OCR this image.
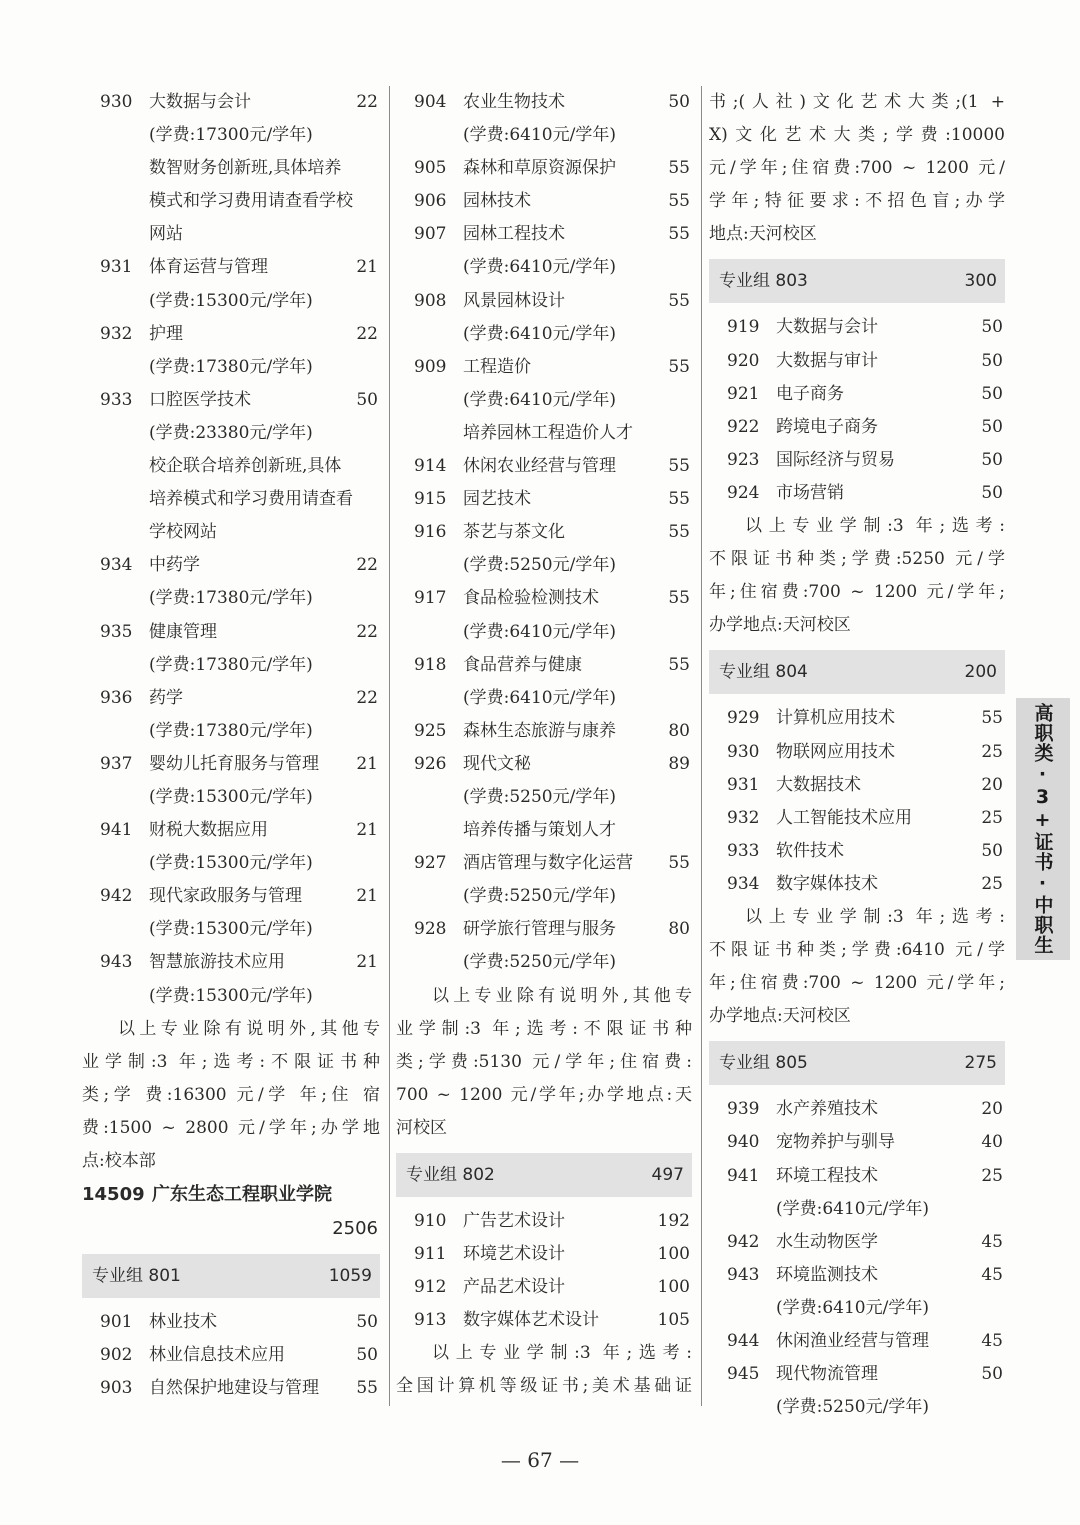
930 大数据与会计	22
(学费:17300元/学年)
数智财务创新班,具体培养
模式和学习费用请查看学校
网站
931 体育运营与管理	21
(学费:15300元/学年)
932 护理	22
(学费:17380元/学年)
933 口腔医学技术	50
(学费:23380元/学年)
校企联合培养创新班,具体
培养模式和学习费用请查看
学校网站
934 中药学	22
(学费:17380元/学年)
935 健康管理	22
(学费:17380元/学年)
936 药学	22
(学费:17380元/学年)
937 婴幼儿托育服务与管理 21
(学费:15300元/学年)
941 财税大数据应用	21
(学费:15300元/学年)
942 现代家政服务与管理	21
(学费:15300元/学年)
943 智慧旅游技术应用	21
(学费:15300元/学年)
以上专业除有说明外,其他专
业学制:3 年;选考:不限证书种
类;学 费:16300 元/学 年;住 宿
费:1500 ~ 2800 元/学年;办学地
点:校本部
14509 广东生态工程职业学院
2506
专业组 801	1059
901 林业技术	50
902 林业信息技术应用	50
903 自然保护地建设与管理 55
904 农业生物技术	50
(学费:6410元/学年)
905 森林和草原资源保护	55
906 园林技术	55
907 园林工程技术	55
(学费:6410元/学年)
908 风景园林设计	55
(学费:6410元/学年)
909 工程造价	55
(学费:6410元/学年)
培养园林工程造价人才
914 休闲农业经营与管理	55
915 园艺技术	55
916 茶艺与茶文化	55
(学费:5250元/学年)
917 食品检验检测技术	55
(学费:6410元/学年)
918 食品营养与健康	55
(学费:6410元/学年)
925 森林生态旅游与康养	80
926 现代文秘	89
(学费:5250元/学年)
培养传播与策划人才
927 酒店管理与数字化运营 55
(学费:5250元/学年)
928 研学旅行管理与服务	80
(学费:5250元/学年)
以上专业除有说明外,其他专
业学制:3 年;选考:不限证书种
类;学费:5130 元/学年;住宿费:
700 ~ 1200 元/学年;办学地点:天
河校区
专业组 802	497
910 广告艺术设计	192
911 环境艺术设计	100
912 产品艺术设计	100
913 数字媒体艺术设计	105
以上专业学制:3 年;选考:
全国计算机等级证书;美术基础证
书;(人社)文化艺术大类;(1 +
X)文化艺术大类;学费:10000
元/学年;住宿费:700 ~ 1200 元/
学年;特征要求:不招色盲;办学
地点:天河校区
专业组 803	300
919 大数据与会计	50
920 大数据与审计	50
921 电子商务	50
922 跨境电子商务	50
923 国际经济与贸易	50
924 市场营销	50
以上专业学制:3 年;选考:
不限证书种类;学费:5250 元/学
年;住宿费:700 ~ 1200 元/学年;
办学地点:天河校区
专业组 804	200
929 计算机应用技术	55
930 物联网应用技术	25
931 大数据技术	20
932 人工智能技术应用	25
933 软件技术	50
934 数字媒体技术	25
以上专业学制:3 年;选考:
不限证书种类;学费:6410 元/学
年;住宿费:700 ~ 1200 元/学年;
办学地点:天河校区
专业组 805	275
939 水产养殖技术	20
940 宠物养护与驯导	40
941 环境工程技术	25
(学费:6410元/学年)
942 水生动物医学	45
943 环境监测技术	45
(学费:6410元/学年)
944 休闲渔业经营与管理	45
945 现代物流管理	50
(学费:5250元/学年)
高职类·3+证书·中职生
— 67 —
